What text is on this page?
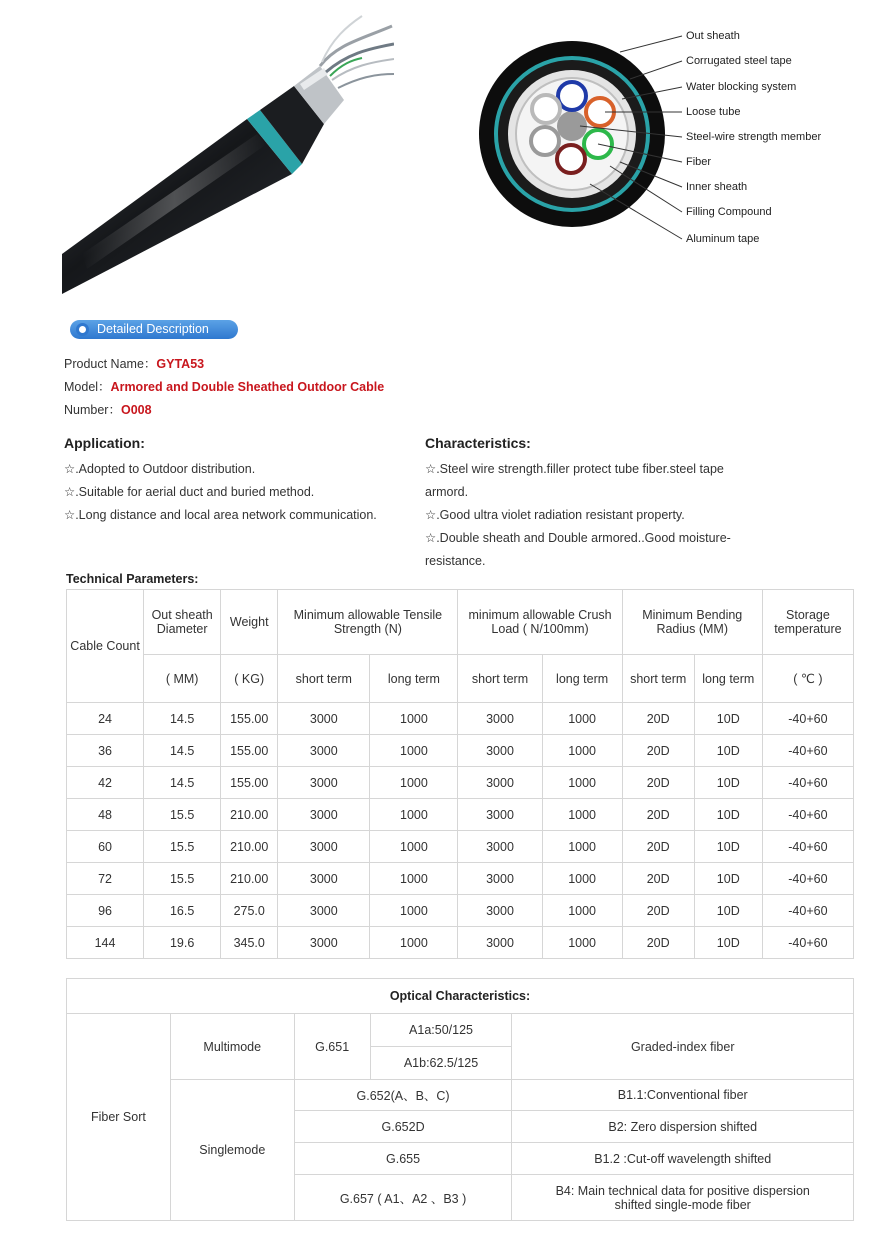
Out sheath
Corrugated steel tape
Water blocking system
Loose tube
Steel-wire strength member
Fiber
Inner sheath
Filling Compound
Aluminum tape
Detailed Description
Product Name：GYTA53
Model：Armored and Double Sheathed Outdoor Cable
Number：O008
Application:
☆.Adopted to Outdoor distribution.
☆.Suitable for aerial duct and buried method.
☆.Long distance and local area network communication.
Characteristics:
☆.Steel wire strength.filler protect tube fiber.steel tape
armord.
☆.Good ultra violet radiation resistant property.
☆.Double sheath and Double armored..Good moisture-
resistance.
Technical Parameters:
Cable Count	Out sheath Diameter	Weight	Minimum allowable Tensile Strength (N)		minimum allowable Crush Load ( N/100mm)		Minimum Bending Radius (MM)		Storage temperature
	( MM)	( KG)	short term	long term	short term	long term	short term	long term	( ℃ )
24	14.5	155.00	3000	1000	3000	1000	20D	10D	-40+60
36	14.5	155.00	3000	1000	3000	1000	20D	10D	-40+60
42	14.5	155.00	3000	1000	3000	1000	20D	10D	-40+60
48	15.5	210.00	3000	1000	3000	1000	20D	10D	-40+60
60	15.5	210.00	3000	1000	3000	1000	20D	10D	-40+60
72	15.5	210.00	3000	1000	3000	1000	20D	10D	-40+60
96	16.5	275.0	3000	1000	3000	1000	20D	10D	-40+60
144	19.6	345.0	3000	1000	3000	1000	20D	10D	-40+60
Optical Characteristics:				
Fiber Sort	Multimode	G.651	A1a:50/125	Graded-index fiber
			A1b:62.5/125	
	Singlemode	G.652(A、B、C)		B1.1:Conventional fiber
		G.652D		B2: Zero dispersion shifted
		G.655		B1.2 :Cut-off wavelength shifted
		G.657 ( A1、A2 、B3 )		B4: Main technical data for positive dispersion shifted single-mode fiber
